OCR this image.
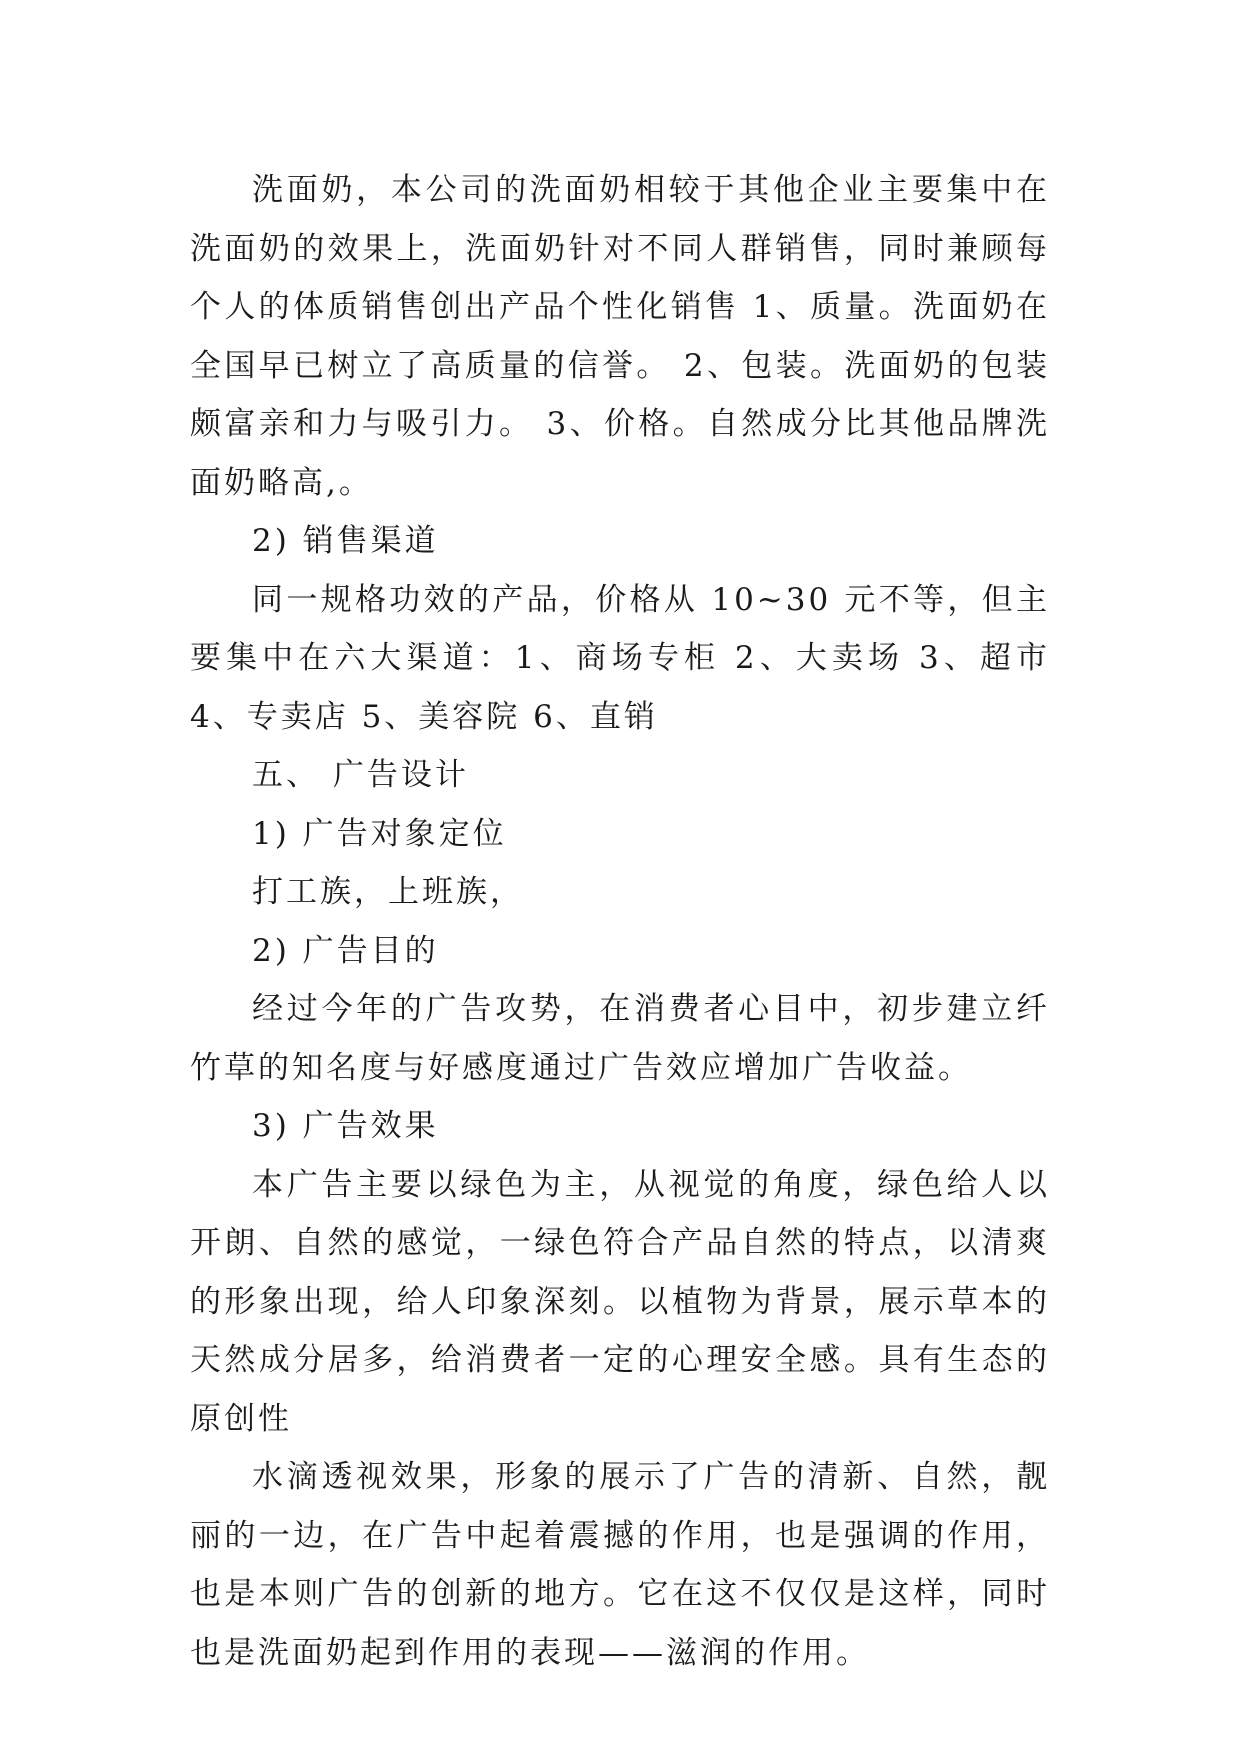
洗面奶，本公司的洗面奶相较于其他企业主要集中在洗面奶的效果上，洗面奶针对不同人群销售，同时兼顾每个人的体质销售创出产品个性化销售 1、质量。洗面奶在全国早已树立了高质量的信誉。 2、包装。洗面奶的包装颇富亲和力与吸引力。 3、价格。自然成分比其他品牌洗面奶略高,。

2) 销售渠道

同一规格功效的产品，价格从 10~30 元不等，但主要集中在六大渠道：1、商场专柜 2、大卖场 3、超市 4、专卖店 5、美容院 6、直销

五、 广告设计

1) 广告对象定位

打工族，上班族，

2) 广告目的

经过今年的广告攻势，在消费者心目中，初步建立纤竹草的知名度与好感度通过广告效应增加广告收益。

3) 广告效果

本广告主要以绿色为主，从视觉的角度，绿色给人以开朗、自然的感觉，一绿色符合产品自然的特点，以清爽的形象出现，给人印象深刻。以植物为背景，展示草本的天然成分居多，给消费者一定的心理安全感。具有生态的原创性

水滴透视效果，形象的展示了广告的清新、自然，靓丽的一边，在广告中起着震撼的作用，也是强调的作用，也是本则广告的创新的地方。它在这不仅仅是这样，同时也是洗面奶起到作用的表现——滋润的作用。
